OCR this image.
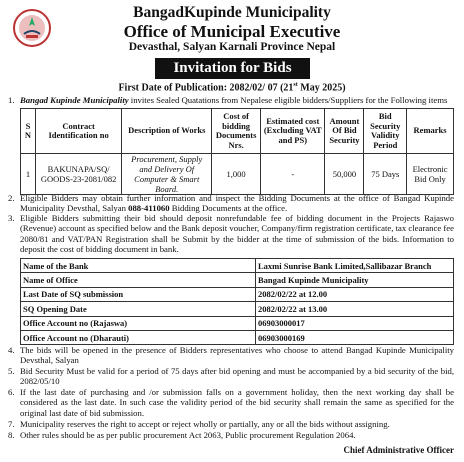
BangadKupinde Municipality
Office of Municipal Executive
Devasthal, Salyan Karnali Province Nepal
Invitation for Bids
First Date of Publication: 2082/02/ 07 (21st May 2025)
1. Bangad Kupinde Municipality invites Sealed Quatations from Nepalese eligible bidders/Suppliers for the Following items
S N	Contract Identification no	Description of Works	Cost of bidding Documents Nrs.	Estimated cost (Excluding VAT and PS)	Amount Of Bid Security	Bid Security Validity Period	Remarks
1	BAKUNAPA/SQ/ GOODS-23-2081/082	Procurement, Supply and Delivery Of Computer & Smart Board.	1,000	-	50,000	75 Days	Electronic Bid Only
2. Eligible Bidders may obtain further information and inspect the Bidding Documents at the office of Bangad Kupinde Municipality Devsthal, Salyan 088-411060 Bidding Documents at the office.
3. Eligible Bidders submitting their bid should deposit nonrefundable fee of bidding document in the Projects Rajaswo (Revenue) account as specified below and the Bank deposit voucher, Company/firm registration certificate, tax clearance fee 2080/81 and VAT/PAN Registration shall be Submit by the bidder at the time of submission of the bids. Information to deposit the cost of bidding document in bank.
Name of the Bank	Laxmi Sunrise Bank Limited,Sallibazar Branch
Name of Office	Bangad Kupinde Municipality
Last Date of SQ submission	2082/02/22 at 12.00
SQ Opening Date	2082/02/22 at 13.00
Office Account no (Rajaswa)	06903000017
Office Account no (Dharauti)	06903000169
4. The bids will be opened in the presence of Bidders representatives who choose to attend Bangad Kupinde Municipality Devsthal, Salyan
5. Bid Security Must be valid for a period of 75 days after bid opening and must be accompanied by a bid security of the bid, 2082/05/10
6. If the last date of purchasing and /or submission falls on a government holiday, then the next working day shall be considered as the last date. In such case the validity period of the bid security shall remain the same as specified for the original last date of bid submission.
7. Municipality reserves the right to accept or reject wholly or partially, any or all the bids without assigning.
8. Other rules should be as per public procurement Act 2063, Public procurement Regulation 2064.
Chief Administrative Officer
